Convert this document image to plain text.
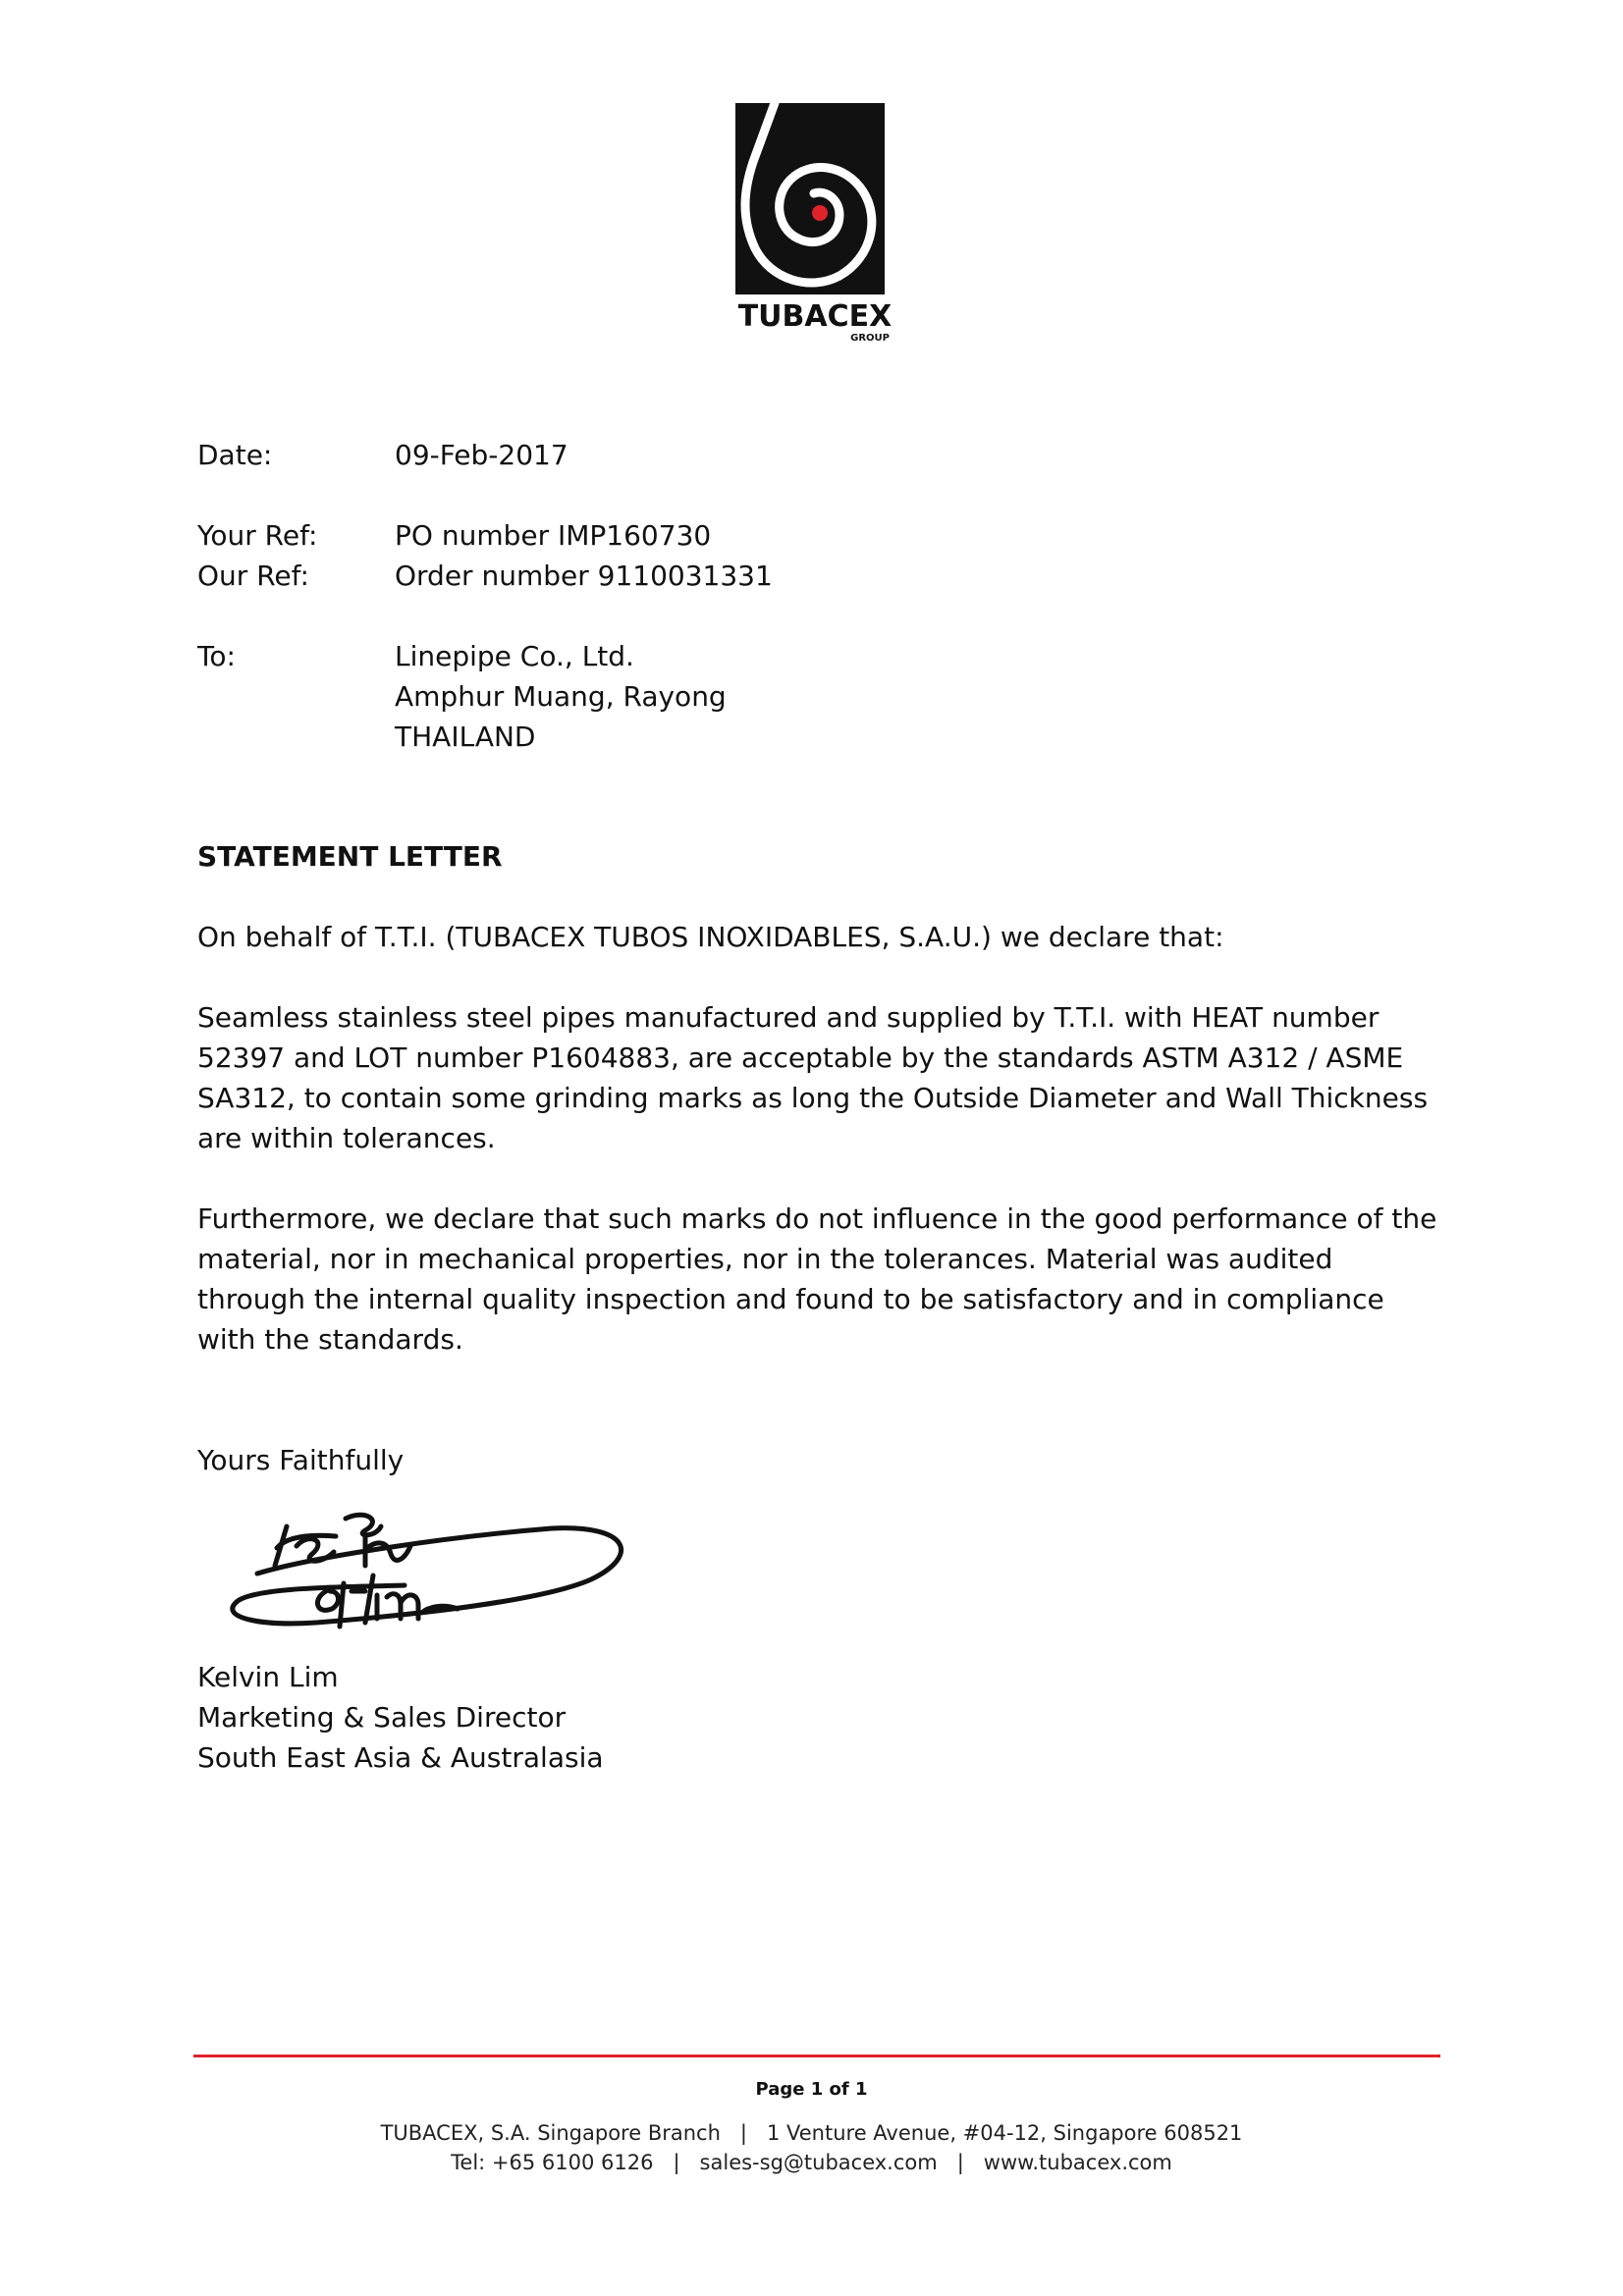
TUBACEX
GROUP
Date:	09-Feb-2017
Your Ref:	PO number IMP160730
Our Ref:	Order number 9110031331
To:	Linepipe Co., Ltd.
Amphur Muang, Rayong
THAILAND
STATEMENT LETTER

On behalf of T.T.I. (TUBACEX TUBOS INOXIDABLES, S.A.U.) we declare that:

Seamless stainless steel pipes manufactured and supplied by T.T.I. with HEAT number 52397 and LOT number P1604883, are acceptable by the standards ASTM A312 / ASME SA312, to contain some grinding marks as long the Outside Diameter and Wall Thickness are within tolerances.

Furthermore, we declare that such marks do not influence in the good performance of the material, nor in mechanical properties, nor in the tolerances. Material was audited through the internal quality inspection and found to be satisfactory and in compliance with the standards.

Yours Faithfully
Kelvin Lim
Marketing & Sales Director
South East Asia & Australasia
Page 1 of 1
TUBACEX, S.A. Singapore Branch | 1 Venture Avenue, #04-12, Singapore 608521
Tel: +65 6100 6126 | sales-sg@tubacex.com | www.tubacex.com
